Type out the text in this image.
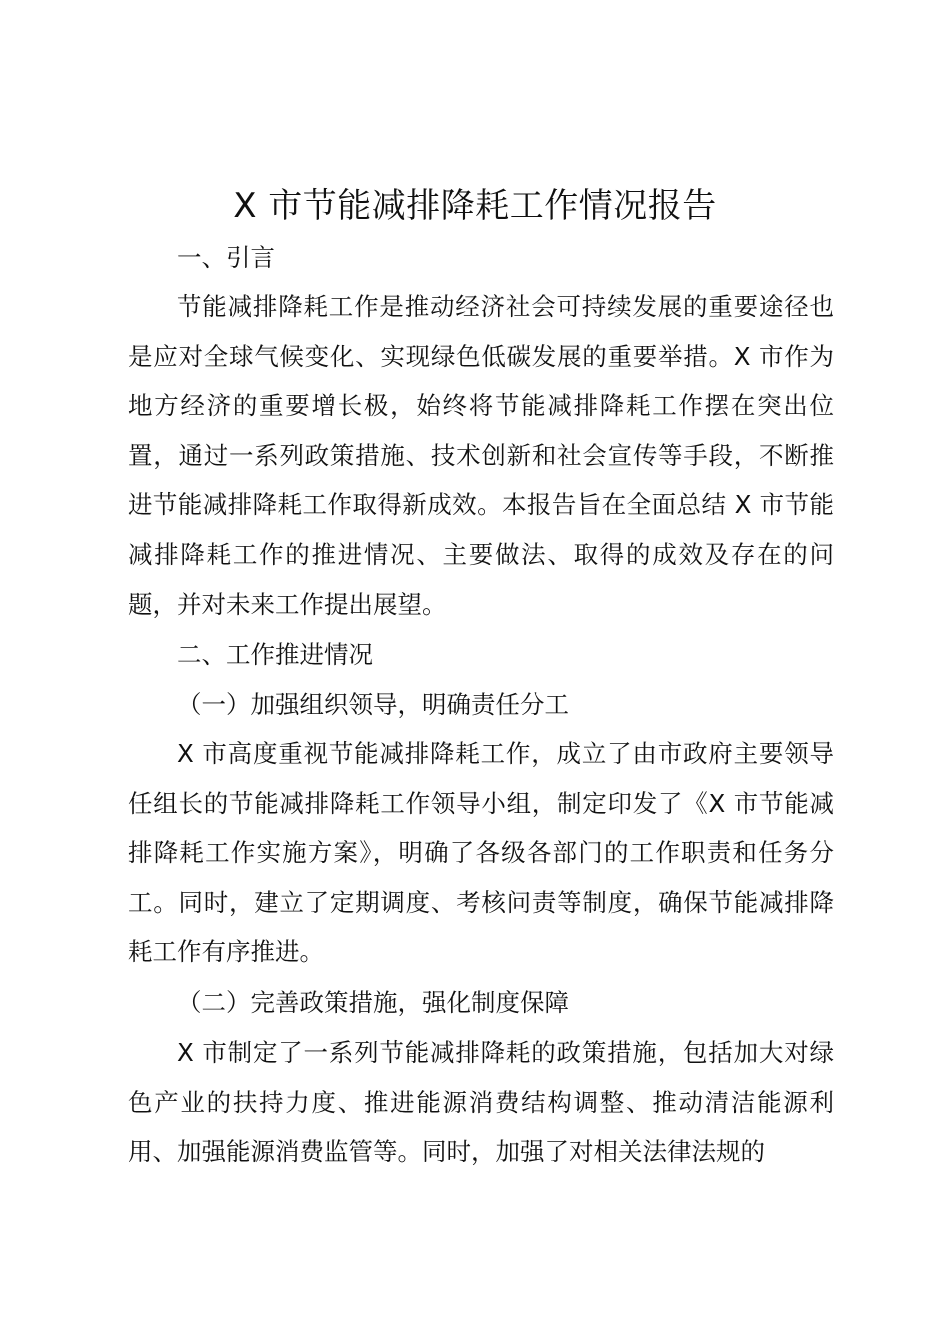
X 市节能减排降耗工作情况报告
一、引言

节能减排降耗工作是推动经济社会可持续发展的重要途径也是应对全球气候变化、实现绿色低碳发展的重要举措。X 市作为地方经济的重要增长极，始终将节能减排降耗工作摆在突出位置，通过一系列政策措施、技术创新和社会宣传等手段，不断推进节能减排降耗工作取得新成效。本报告旨在全面总结 X 市节能减排降耗工作的推进情况、主要做法、取得的成效及存在的问题，并对未来工作提出展望。

二、工作推进情况
（一）加强组织领导，明确责任分工

X 市高度重视节能减排降耗工作，成立了由市政府主要领导任组长的节能减排降耗工作领导小组，制定印发了《X 市节能减排降耗工作实施方案》，明确了各级各部门的工作职责和任务分工。同时，建立了定期调度、考核问责等制度，确保节能减排降耗工作有序推进。

（二）完善政策措施，强化制度保障

X 市制定了一系列节能减排降耗的政策措施，包括加大对绿色产业的扶持力度、推进能源消费结构调整、推动清洁能源利用、加强能源消费监管等。同时，加强了对相关法律法规的
